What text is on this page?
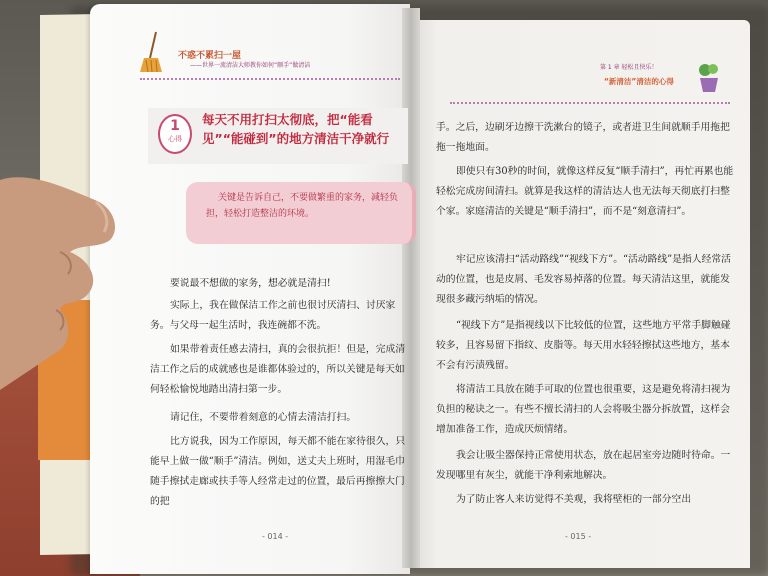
不惑不累扫一屋
——世界一流清洁大师教你如何“顺手”做清洁
1
心得
每天不用打扫太彻底，把“能看见”“能碰到”的地方清洁干净就行
关键是告诉自己，不要做繁重的家务，减轻负担，轻松打造整洁的环境。
要说最不想做的家务，想必就是清扫!
实际上，我在做保洁工作之前也很讨厌清扫、讨厌家务。与父母一起生活时，我连碗都不洗。
如果带着责任感去清扫，真的会很抗拒！但是，完成清洁工作之后的成就感也是谁都体验过的，所以关键是每天如何轻松愉悦地踏出清扫第一步。
请记住，不要带着刻意的心情去清洁打扫。
比方说我，因为工作原因，每天都不能在家待很久，只能早上做一做“顺手”清洁。例如，送丈夫上班时，用湿毛巾随手擦拭走廊或扶手等人经常走过的位置，最后再擦擦大门的把
- 014 -
第 1 章 轻松且快乐！
“新清洁”清洁的心得
手。之后，边刷牙边擦干洗漱台的镜子，或者进卫生间就顺手用拖把拖一拖地面。
即使只有30秒的时间，就像这样反复“顺手清扫”，再忙再累也能轻松完成房间清扫。就算是我这样的清洁达人也无法每天彻底打扫整个家。家庭清洁的关键是“顺手清扫”，而不是“刻意清扫”。
牢记应该清扫“活动路线”“视线下方”。“活动路线”是指人经常活动的位置，也是皮屑、毛发容易掉落的位置。每天清洁这里，就能发现很多藏污纳垢的情况。
“视线下方”是指视线以下比较低的位置，这些地方平常手脚触碰较多，且容易留下指纹、皮脂等。每天用水轻轻擦拭这些地方，基本不会有污渍残留。
将清洁工具放在随手可取的位置也很重要，这是避免将清扫视为负担的秘诀之一。有些不擅长清扫的人会将吸尘器分拆放置，这样会增加准备工作，造成厌烦情绪。
我会让吸尘器保持正常使用状态，放在起居室旁边随时待命。一发现哪里有灰尘，就能干净利索地解决。
为了防止客人来访觉得不美观，我将壁柜的一部分空出
- 015 -
